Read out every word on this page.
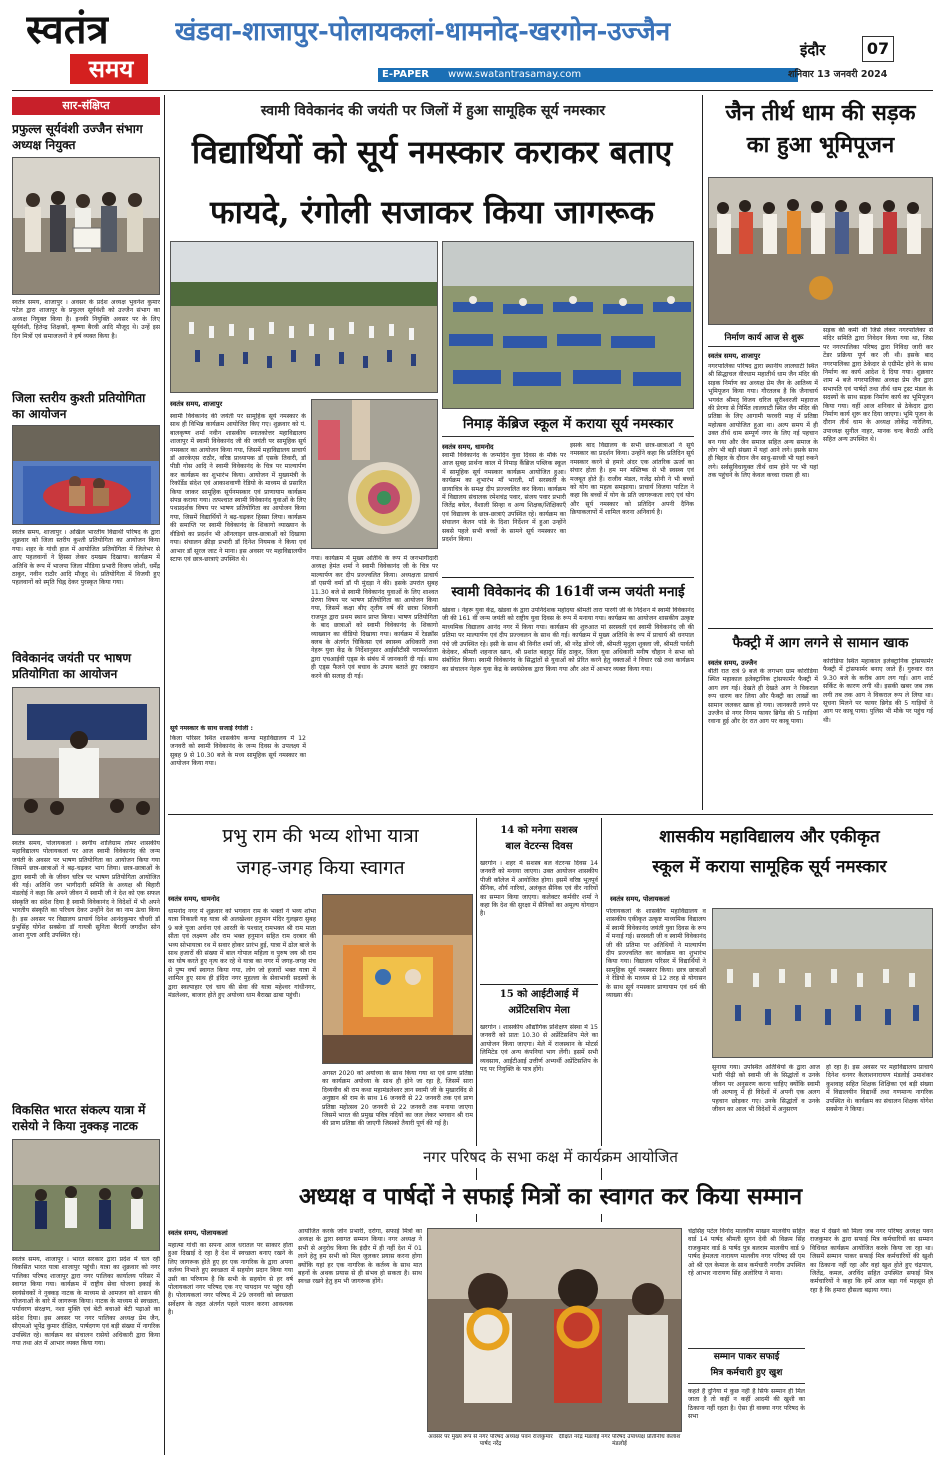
स्वतंत्र
समय
खंडवा-शाजापुर-पोलायकलां-धामनोद-खरगोन-उज्जैन
इंदौर	07
E-PAPER www.swatantrasamay.com	शनिवार 13 जनवरी 2024
सार-संक्षिप्त
प्रफुल्ल सूर्यवंशी उज्जैन संभाग अध्यक्ष नियुक्त
स्वतंत्र समय, शाजापुर । अवसर के प्रदेश अध्यक्ष भुवनेश कुमार पटेल द्वारा शाजापुर के प्रफुल्ल सूर्यवंशी को उज्जैन संभाग का अध्यक्ष नियुक्त किया है। इनकी नियुक्ति अवसर पर के लिए सूर्यवंशी, हितेन्द्र शिक्षकों, कृष्णा बैरवी आदि मौजूद थे। उन्हें इस दिन मित्रों एवं समाजजनों ने हर्ष व्यक्त किया है।
जिला स्तरीय कुश्ती प्रतियोगिता का आयोजन
स्वतंत्र समय, शाजापुर । अखिल भारतीय विद्यार्थी परिषद के द्वारा शुक्रवार को जिला स्तरीय कुश्ती प्रतियोगिता का आयोजन किया गया। शहर के गांधी हाल में आयोजित प्रतियोगिता में जिलेभर से आए पहलवानों ने हिस्सा लेकर दमखम दिखाया। कार्यक्रम में अतिथि के रूप में भाजपा जिला मीडिया प्रभारी विजय जोशी, धर्मेंद्र ठाकुर, नवीन राठौर आदि मौजूद थे। प्रतियोगिता में विजयी हुए पहलवानों को स्मृति चिह्न देकर पुरस्कृत किया गया।
विवेकानंद जयंती पर भाषण प्रतियोगिता का आयोजन
स्वतंत्र समय, पोलायकलां । स्वर्गीय शालिग्राम तोमर शासकीय महाविद्यालय पोलायकलां पर आज स्वामी विवेकानंद की जन्म जयंती के अवसर पर भाषण प्रतियोगिता का आयोजन किया गया जिसमें छात्र-छात्राओं ने बढ़-चढ़कर भाग लिया। छात्र-छात्राओं के द्वारा स्वामी जी के जीवन चरित्र पर भाषण प्रतियोगिता आयोजित की गई। अतिथि जन भागीदारी समिति के अध्यक्ष श्री बिहारी मंडलोई ने कहा कि अपने जीवन में स्वामी जी ने देश को एक सफल संस्कृति का संदेश दिया है स्वामी विवेकानंद ने विदेशों में भी अपने भारतीय संस्कृति का परिचय देकर उन्होंने देश का नाम ऊंचा किया है। इस अवसर पर विद्यालय प्राचार्य दिनेश आनंदकुमार चौधरी डॉ प्रभुसिंह योगेश सक्सेना डॉ गायत्री सुनिता बैरागी जगदीश सोन आशा गुप्ता आदि उपस्थित रहे।
विकसित भारत संकल्प यात्रा में रासेयो ने किया नुक्कड़ नाटक
स्वतंत्र समय, शाजापुर । भारत सरकार द्वारा प्रदेश में चल रही विकसित भारत यात्रा शाजापुर पहुंची। यात्रा का शुक्रवार को नगर पालिका परिषद शाजापुर द्वारा नगर पालिका कार्यालय परिसर में स्वागत किया गया। कार्यक्रम में राष्ट्रीय सेवा योजना इकाई के स्वयंसेवकों ने नुक्कड़ नाटक के माध्यम से आमजन को शासन की योजनाओं के बारे में जागरूक किया। नाटक के माध्यम से स्वच्छता, पर्यावरण संरक्षण, नशा मुक्ति एवं बेटी बचाओ बेटी पढ़ाओ का संदेश दिया। इस अवसर पर नगर पालिका अध्यक्ष प्रेम जैन, सीएमओ भूपेंद्र कुमार दीक्षित, पार्षदगण एवं बड़ी संख्या में नागरिक उपस्थित रहे। कार्यक्रम का संचालन रासेयो अधिकारी द्वारा किया गया तथा अंत में आभार व्यक्त किया गया।
स्वामी विवेकानंद की जयंती पर जिलों में हुआ सामूहिक सूर्य नमस्कार
विद्यार्थियों को सूर्य नमस्कार कराकर बताए
फायदे, रंगोली सजाकर किया जागरूक
स्वतंत्र समय, शाजापुर
स्वामी विवेकानंद की जयंती पर सामूहिक सूर्य नमस्कार के साथ ही विभिन्न कार्यक्रम आयोजित किए गए। शुक्रवार को पं. बालकृष्ण शर्मा नवीन शासकीय स्नातकोत्तर महाविद्यालय शाजापुर में स्वामी विवेकानंद जी की जयंती पर सामूहिक सूर्य नमस्कार का आयोजन किया गया, जिसमें महाविद्यालय प्राचार्य डॉ आरकेएस राठौर, वरिष्ठ प्राध्यापक डॉ एसके तिवारी, डॉ पीडी गोस आदि ने स्वामी विवेकानंद के चित्र पर माल्यार्पण कर कार्यक्रम का शुभारंभ किया। आयोजन में मुख्यमंत्री के रिकॉर्डेड संदेश एवं आकाशवाणी रेडियो के माध्यम से प्रसारित किया जाकर सामूहिक सूर्यनमस्कार एवं प्राणायाम कार्यक्रम संपन्न कराया गया। तत्पश्चात स्वामी विवेकानंद युवाओं के लिए पथप्रदर्शक विषय पर भाषण प्रतियोगिता का आयोजन किया गया, जिसमें विद्यार्थियों ने बढ़-चढ़कर हिस्सा लिया। कार्यक्रम की समाप्ति पर स्वामी विवेकानंद के शिकागो व्याख्यान के वीडियो का प्रदर्शन भी ऑनलाइन छात्र-छात्राओं को दिखाया गया। संचालन क्रीड़ा प्रभारी डॉ दिनेश नियमक ने किया एवं आभार डॉ सूरज जाट ने माना। इस अवसर पर महाविद्यालयीन स्टाफ एवं छात्र-छात्राएं उपस्थित थे।
सूर्य नमस्कार के साथ सजाई रंगोली :
किला परिसर स्थित शासकीय कन्या महाविद्यालय में 12 जनवरी को स्वामी विवेकानंद के जन्म दिवस के उपलक्ष्य में सुबह 9 से 10.30 बजे के मध्य सामूहिक सूर्य नमस्कार का आयोजन किया गया।
गया। कार्यक्रम में मुख्य अतिथि के रूप में जनभागीदारी अध्यक्ष हेमंत शर्मा ने स्वामी विवेकानंद जी के चित्र पर माल्यार्पण कर दीप प्रज्ज्वलित किया। अध्यक्षता प्राचार्य डॉ एसपी वर्मा डॉ पी मुंदड़ा ने की। इसके उपरांत सुबह 11.30 बजे से स्वामी विवेकानंद युवाओं के लिए शाश्वत प्रेरणा विषय पर भाषण प्रतियोगिता का आयोजन किया गया, जिसमें कक्षा बीए तृतीय वर्ष की छात्रा शिवानी राजपूत द्वारा प्रथम स्थान प्राप्त किया। भाषण प्रतियोगिता के बाद छात्राओं को स्वामी विवेकानंद के शिकागो व्याख्यान का वीडियो दिखाया गया। कार्यक्रम में रेडक्रॉस क्लब के अंतर्गत चिकित्सा एवं स्वास्थ्य अधिकारी तथा नेहरू युवा केंद्र के निर्देशानुसार आईसीटीसी परामर्शदाता द्वारा एचआईवी एड्स के संबंध में जानकारी दी गई। साथ ही एड्स फैलने एवं बचाव के उपाय बताते हुए रक्तदान करने की सलाह दी गई।
निमाड़ केंब्रिज स्कूल में कराया सूर्य नमस्कार
स्वतंत्र समय, धामनोद
स्वामी विवेकानंद के जन्मदिन युवा दिवस के मौके पर आज सुबह प्रार्थना काल में निमाड़ कैंब्रिज पब्लिक स्कूल में सामूहिक सूर्य नमस्कार कार्यक्रम आयोजित हुआ। कार्यक्रम का शुभारंभ माँ भारती, माँ सरस्वती के छायाचित्र के समक्ष दीप प्रज्ज्वलित कर किया। कार्यक्रम में विद्यालय संचालक रमेशचंद्र पवार, संजय पवार प्रभारी जितेंद्र बघेल, वैशाली सिन्हा व अन्य शिक्षक/शिक्षिकाएँ एवं विद्यालय के छात्र-छात्राएं उपस्थित रहे। कार्यक्रम का संचालन केतन पांडे के दिशा निर्देशन में हुआ उन्होंने सबसे पहले सभी बच्चों के सामने सूर्य नमस्कार का प्रदर्शन किया।
इसके बाद विद्यालय के सभी छात्र-छात्राओं ने सूर्य नमस्कार का प्रदर्शन किया। उन्होंने कहा कि प्रतिदिन सूर्य नमस्कार करने से हमारे अंदर एक आंतरिक ऊर्जा का संचार होता है। हम मन मस्तिष्क से भी स्वस्थ्य एवं मजबूत होते हैं। राजीव मंडल, गजेंद्र सोनी ने भी बच्चों को योग का महत्व समझाया। प्राचार्य विजया पाटिल ने कहा कि बच्चों में योग के प्रति जागरूकता लाएं एवं योग और सूर्य नमस्कार को प्रतिदिन अपनी दैनिक क्रियाकलापों में शामिल करना अनिवार्य है।
स्वामी विवेकानंद की 161वीं जन्म जयंती मनाई
खंडवा । नेहरू युवा केंद्र, खंडवा के द्वारा उपनिदेशक महोदया श्रीमती तारा पारगी जी के निर्देशन में स्वामी विवेकानंद जी की 161 वीं जन्म जयंती को राष्ट्रीय युवा दिवस के रूप में मनाया गया। कार्यक्रम का आयोजन शासकीय उत्कृष्ट माध्यमिक विद्यालय आनंद नगर में किया गया। कार्यक्रम की शुरुआत मां सरस्वती एवं स्वामी विवेकानंद जी की प्रतिमा पर माल्यार्पण एवं दीप प्रज्ज्वलन के साथ की गई। कार्यक्रम में मुख्य अतिथि के रूप में प्राचार्य श्री धनपाल पंचे जी उपस्थित रहे। इसी के साथ श्री विनीत शर्मा जी, श्री नरेंद्र डोंगरे जी, श्रीमती मृदुला शुक्ला जी, श्रीमती पार्वती केदेकर, श्रीमती शहनाज खान, श्री प्रशांत बहादुर सिंह ठाकुर, जिला युवा अधिकारी मनीष चौहान ने सभा को संबोधित किया। स्वामी विवेकानंद के सिद्धांतों से युवाओं को प्रेरित करने हेतु वक्ताओं ने विचार रखे तथा कार्यक्रम का संचालन नेहरू युवा केंद्र के स्वयंसेवक द्वारा किया गया और अंत में आभार व्यक्त किया गया।
जैन तीर्थ धाम की सड़क
का हुआ भूमिपूजन
निर्माण कार्य आज से शुरू
स्वतंत्र समय, शाजापुर
नगरपालिका परिषद द्वारा स्थानीय लालघाटी स्थित श्री सिद्धाचल वीरधाम महातीर्थ धाम जैन मंदिर की सड़क निर्माण का अध्यक्ष प्रेम जैन के आतिथ्य में भूमिपूजन किया गया। गौरतलब है कि जैनाचार्य भगवंत श्रीमद् विजय धरिज सूरीश्वरजी महाराज की प्रेरणा से निर्मित लालघाटी स्थित जैन मंदिर की प्रतिष्ठा के लिए आगामी फरवरी माह में प्रतिष्ठा महोत्सव आयोजित हुआ था। अल्प समय में ही उक्त तीर्थ धाम सम्पूर्ण नगर के लिए नई पहचान बन गया और जैन समाज सहित अन्य समाज के लोग भी बड़ी संख्या में यहां आने लगे। इसके साथ ही बिहार के दौरान जैन साधु-साध्वी भी यहां रुकने लगे। सर्वसुविधायुक्त तीर्थ धाम होने पर भी यहां तक पहुंचने के लिए केवल कच्चा रास्ता ही था।
सड़क की कमी थी जिसे लेकर नगरपालिका से मंदिर समिति द्वारा निवेदन किया गया था, जिस पर नगरपालिका परिषद द्वारा निविदा जारी कर टेंडर प्रक्रिया पूर्ण कर ली थी। इसके बाद नगरपालिका द्वारा ठेकेदार से एग्रीमेंट होने के साथ निर्माण का कार्य आदेश दे दिया गया। शुक्रवार शाम 4 बजे नगरपालिका अध्यक्ष प्रेम जैन द्वारा सभापति एवं पार्षदों तथा तीर्थ धाम ट्रस्ट मंडल के सदस्यों के साथ सड़क निर्माण कार्य का भूमिपूजन किया गया। वहीं आज शनिवार से ठेकेदार द्वारा निर्माण कार्य शुरू कर दिया जाएगा। भूमि पूजन के दौरान तीर्थ धाम के अध्यक्ष लोकेंद्र नारेलिया, उपाध्यक्ष सुनील नाहर, मानक चन्द बैराठी आदि सहित अन्य उपस्थित थे।
फैक्ट्री में आग लगने से सामान खाक
स्वतंत्र समय, उज्जैन
बीती रात रात्रे 9 बजे के लगभग ग्राम कोरोडिया स्थित महाकाल इलेक्ट्रानिक ट्रांसफार्मर फैक्ट्री में आग लग गई। देखते ही देखते आग ने विकराल रूप धारण कर लिया और फैक्ट्री का लाखों का सामान जलकर खाक हो गया। जानकारी लगने पर उज्जैन से नगर निगम फायर ब्रिगेड की 5 गाड़ियां रवाना हुई और देर रात आग पर काबू पाया।
कोरोडिया स्थित महाकाल इलेक्ट्रानिक ट्रांसफार्मर फैक्ट्री में ट्रांसफार्मर बनाए जाते हैं। गुरुवार रात 9.30 बजे के करीब आग लग गई। आग शार्ट सर्किट के कारण लगी थी। इसकी खबर जब तक लगी तब तक आग ने विकराल रूप ले लिया था। सूचना मिलने पर फायर ब्रिगेड की 5 गाड़ियों ने आग पर काबू पाया। पुलिस भी मौके पर पहुंच गई थी।
प्रभु राम की भव्य शोभा यात्रा
जगह-जगह किया स्वागत
स्वतंत्र समय, धामनोद
धामनोद नगर में शुक्रवार को भगवान राम के भक्तों ने भव्य शोभा यात्रा निकाली यह यात्रा श्री अलखेश्वर हनुमान मंदिर गुलझरा सुबह 9 बजे पूजा अर्चना एवं आरती के पश्चात् रामभक्त श्री राम माता सीता एवं लक्ष्मण और राम भक्त हनुमान सहित राम दरबार की भव्य सोभायात्रा रथ में सवार होकर प्रारंभ हुई, यात्रा में ढोल बाजे के साथ हजारों की संख्या में बाल गोपाल महिला व पुरुष जय श्री राम का घोष करते हुए नृत्य कर रहे थे यात्रा का नगर में जगह-जगह मंच से पुष्प वर्षा स्वागत किया गया, लोग जो हजारों भक्त यात्रा में शामिल हुए साथ ही इंदिरा नगर मुहल्ला के सेवाभावी सदस्यों के द्वारा स्वल्पाहार एवं चाय की सेवा की यात्रा महेश्वर गांधीनगर, मंडलेश्वर, बाजार होते हुए अयोध्या धाम बैराखा ढाबा पहुंची।
अगस्त 2020 को अयोध्या के साथ किया गया था एवं प्राण प्रतिष्ठा का कार्यक्रम अयोध्या के साथ ही होने जा रहा है, जिसमें सारा दिव्यवीव श्री राम कथा महामंडलेश्वर ज्ञान स्वामी जी के मुखारविंद से अनुष्ठान श्री राम के साथ 16 जनवरी से 22 जनवरी तक एवं प्राण प्रतिष्ठा महोत्सव 20 जनवरी से 22 जनवरी तक मनाया जाएगा जिसमें भारत की प्रमुख पवित्र नदियों का जल लेकर भगवान श्री राम की प्राण प्रतिष्ठा की जाएगी जिसको तैयारी पूर्ण की गई है।
14 को मनेगा सशस्त्र
बाल वेटरन्स दिवस
खरगोन । शहर में सशस्त्र बल वेटरन्स दिवस 14 जनवरी को मनाया जाएगा। उक्त आयोजन शासकीय पीजी कॉलेज में आयोजित होगा। इसमें वरिष्ठ भूतपूर्व सैनिक, शौर्य नारियां, अलंकृत सैनिक एवं वीर नारियों का सम्मान किया जाएगा। कलेक्टर कर्मवीर शर्मा ने कहा कि देश की सुरक्षा में सैनिकों का अमूल्य योगदान है।
15 को आईटीआई में
अप्रेंटिसशिप मेला
खरगोन । शासकीय औद्योगिक प्रशिक्षण संस्था में 15 जनवरी को प्रातः 10.30 से अप्रेंटिसशिप मेले का आयोजन किया जाएगा। मेले में राजस्थान के मोटर्स लिमिटेड एवं अन्य कंपनियां भाग लेंगी। इसमें सभी व्यवसाय, आईटीआई उत्तीर्ण अभ्यर्थी अप्रेंटिसशिप के पद पर नियुक्ति के पात्र होंगे।
शासकीय महाविद्यालय और एकीकृत
स्कूल में कराया सामूहिक सूर्य नमस्कार
स्वतंत्र समय, पोलायकलां
पोलायकलां के शासकीय महाविद्यालय व शासकीय एकीकृत उत्कृष्ट माध्यमिक विद्यालय में स्वामी विवेकानंद जयंती युवा दिवस के रूप में मनाई गई। सरस्वती जी व स्वामी विवेकानंद जी की प्रतिमा पर अतिथियों ने माल्यार्पण दीप प्रज्ज्वलित कर कार्यक्रम का शुभारंभ किया गया। विद्यालय परिसर में विद्यार्थियों ने सामूहिक सूर्य नमस्कार किया। छात्र छात्राओं ने रेडियो के माध्यम से 12 तरह से योगासन के साथ सूर्य नमस्कार प्राणायाम एवं धर्म की व्याख्या की।
सुनाया गया। उपस्थित अतिथियों के द्वारा आज भारी पीढ़ी को स्वामी जी के सिद्धांतों व उनके जीवन पर अनुसरण करना चाहिए क्योंकि स्वामी जी अल्पायु में ही विदेशों में अपनी एक अलग पहचान छोड़कर गए। उनके सिद्धांतों व उनके जीवन का आज भी विदेशों में अनुसरण
हो रहा है। इस अवसर पर महाविद्यालय प्राचार्य दिनेश धनगर कैलाशनारायण मंडलोई उमाशंकर कुशवाह सहित शिक्षक शिक्षिका एवं बड़ी संख्या में विद्यालयीन विद्यार्थी तथा गणमान्य नागरिक उपस्थित थे। कार्यक्रम का संचालन शिक्षक योगेश सक्सेना ने किया।
नगर परिषद के सभा कक्ष में कार्यक्रम आयोजित
अध्यक्ष व पार्षदों ने सफाई मित्रों का स्वागत कर किया सम्मान
स्वतंत्र समय, पोलायकलां
महात्मा गांधी का सपना आज धरातल पर साकार होता हुआ दिखाई दे रहा है देश में स्वच्छता बनाए रखने के लिए जागरूक होते हुए हर एक नागरिक के द्वारा अपना कर्तव्य निभाते हुए स्वच्छता में सहयोग प्रदान किया गया उसी का परिणाम है कि सभी के सहयोग से हर वर्ष पोलायकलां नगर परिषद एक नए पायदान पर पहुंच रही है। पोलायकलां नगर परिषद में 29 जनवरी को स्वच्छता सर्वेक्षण के तहत अंतर्गत पहले पालन करना आवश्यक है।
आयोजित करके जोन प्रभारी, दरोगा, सफाई मित्रों का अध्यक्ष के द्वारा स्वागत सम्मान किया। नगर अध्यक्ष ने सभी से अनुरोध किया कि इंदौर में ही नहीं देश में 01 लाने हेतु हम सभी को मिल जुलकर प्रयास करना होगा क्योंकि यहां हर एक नागरिक के कर्तव्य के साथ मात बहनों के अथक प्रयास से ही संभव हो सकता है। साथ स्वच्छ रखने हेतु हम भी जागरूक होंगे।
अवसर पर मुख्य रूप से नगर परिषद अध्यक्ष पवन राजकुमार पार्षद नरेंद्र
दीक्षित नरेंद्र मंडलोई नगर परिषद उपाध्यक्ष प्रतिनिधि कैलाश मंडलोई
चंद्रसिंह पटेल विनोद मालवीय माखन मालवीय सहित वार्ड 14 पार्षद श्रीमती सुगन देवी श्री विक्रम सिंह राजकुमार वार्ड 8 पार्षद पुत्र बलराम मालवीय वार्ड 9 पार्षद हेमलता नारायण मालवीय नगर परिषद सी एम ओ श्री एल केमाल के साथ कर्मचारी नगरीय उपस्थित रहे आभार नारायण सिंह अलोरिया ने माना।
सम्मान पाकर सफाई
मित्र कर्मचारी हुए खुश
कहते हैं दुनिया में कुछ नहीं है सिर्फ सम्मान ही मिल जाता है तो कहीं न कहीं आदमी की खुशी का ठिकाना नहीं रहता है। ऐसा ही वाक्या नगर परिषद के सभा
कक्ष में देखने को मिला जब नगर परिषद अध्यक्ष पवन राजकुमार के द्वारा सफाई मित्र कर्मचारियों का सम्मान विधिवत कार्यक्रम आयोजित करके किया जा रहा था। जिसमें सम्मान पाकर सफाई मित्र कर्मचारियों की खुशी का ठिकाना नहीं रहा और वहां खुश होते हुए चंद्रपाल, जितेंद्र, कमल, अरविंद सहित उपस्थित सफाई मित्र कर्मचारियों ने कहा कि हमें आज बड़ा गर्व महसूस हो रहा है कि हमारा हौसला बढ़ाया गया।
